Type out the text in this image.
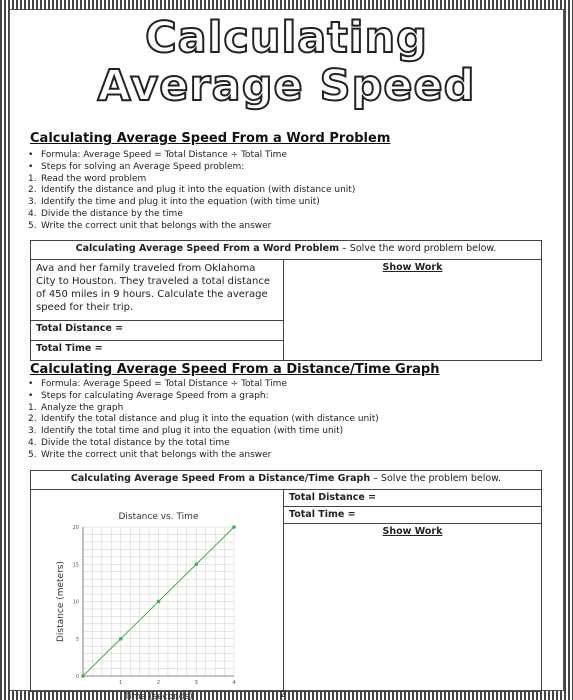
Calculating
Average Speed
Calculating Average Speed From a Word Problem
• Formula: Average Speed = Total Distance ÷ Total Time
• Steps for solving an Average Speed problem:
1. Read the word problem
2. Identify the distance and plug it into the equation (with distance unit)
3. Identify the time and plug it into the equation (with time unit)
4. Divide the distance by the time
5. Write the correct unit that belongs with the answer
Calculating Average Speed From a Word Problem – Solve the word problem below.
Ava and her family traveled from Oklahoma City to Houston. They traveled a total distance of 450 miles in 9 hours. Calculate the average speed for their trip.	Show Work
Total Distance =
Total Time =
Calculating Average Speed From a Distance/Time Graph
• Formula: Average Speed = Total Distance ÷ Total Time
• Steps for calculating Average Speed from a graph:
1. Analyze the graph
2. Identify the total distance and plug it into the equation (with distance unit)
3. Identify the total time and plug it into the equation (with time unit)
4. Divide the total distance by the total time
5. Write the correct unit that belongs with the answer
Calculating Average Speed From a Distance/Time Graph – Solve the problem below.

Distance vs. Time
Time (seconds)
Distance (meters)
1	2	3	4
5
10
15
20
0
	Total Distance =
Total Time =
Show Work
2
